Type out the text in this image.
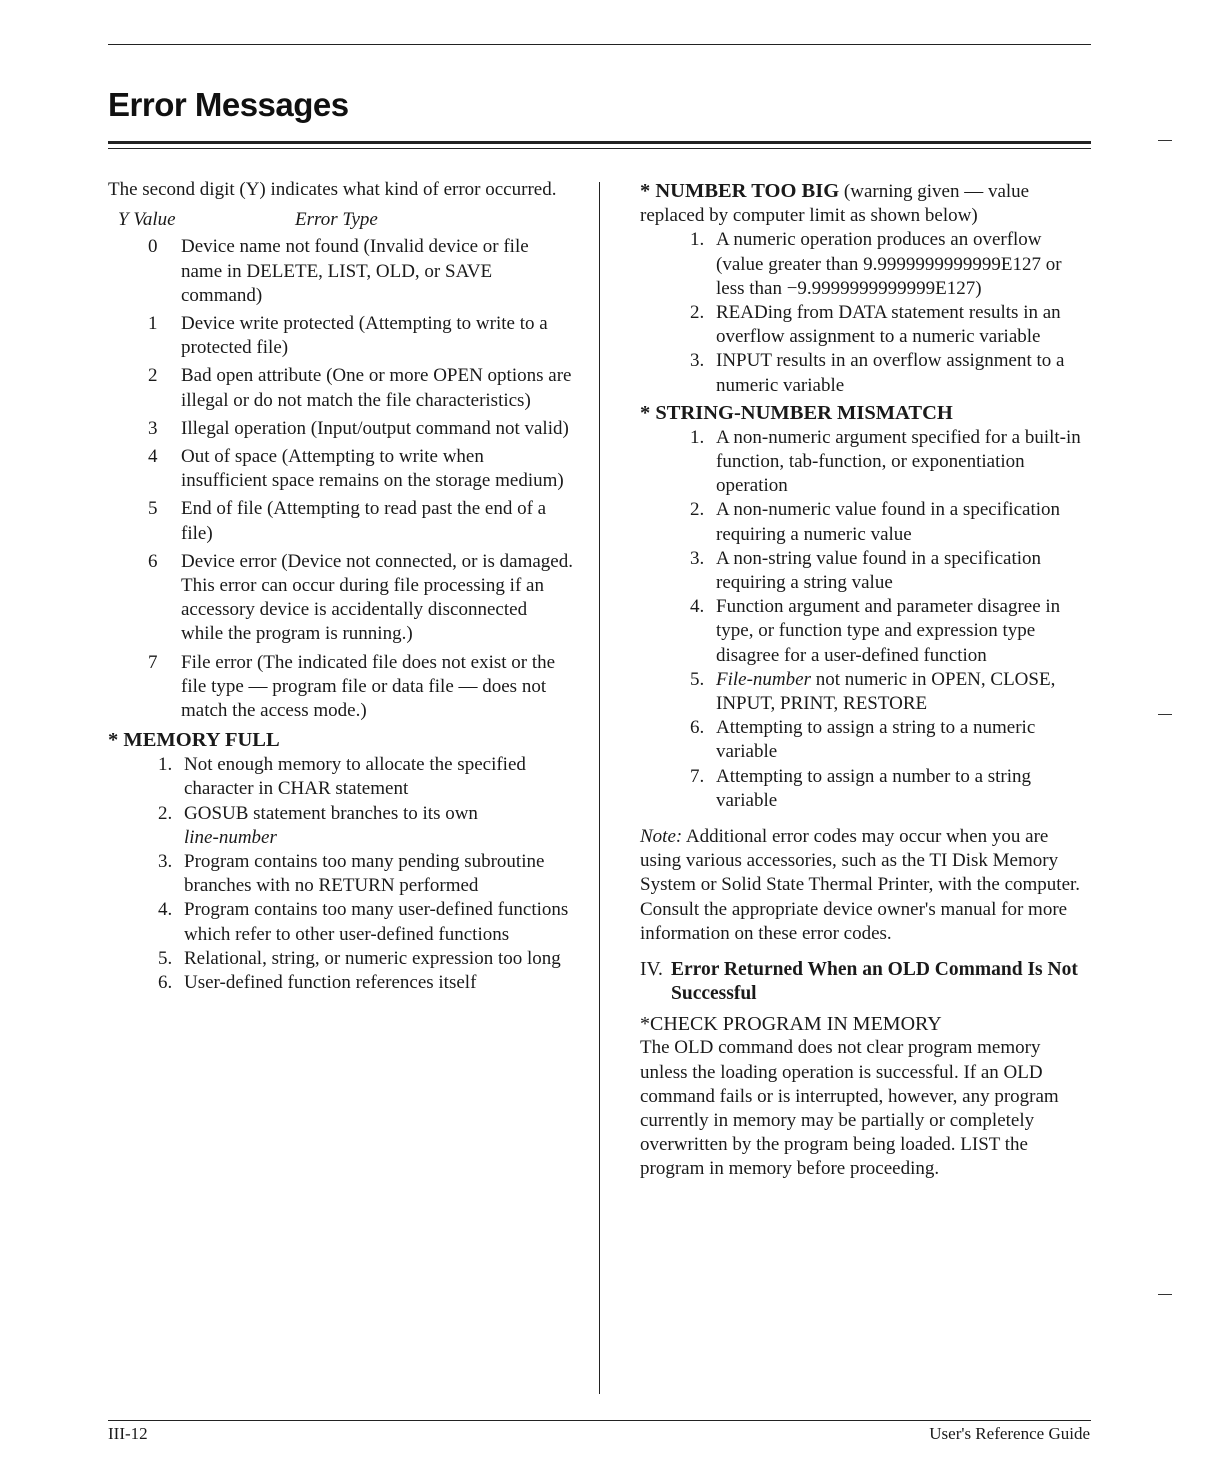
Error Messages

The second digit (Y) indicates what kind of error occurred.

Y Value	Error Type
0	Device name not found (Invalid device or file name in DELETE, LIST, OLD, or SAVE command)
1	Device write protected (Attempting to write to a protected file)
2	Bad open attribute (One or more OPEN options are illegal or do not match the file characteristics)
3	Illegal operation (Input/output command not valid)
4	Out of space (Attempting to write when insufficient space remains on the storage medium)
5	End of file (Attempting to read past the end of a file)
6	Device error (Device not connected, or is damaged. This error can occur during file processing if an accessory device is accidentally disconnected while the program is running.)
7	File error (The indicated file does not exist or the file type — program file or data file — does not match the access mode.)

* MEMORY FULL

1. Not enough memory to allocate the specified character in CHAR statement
2. GOSUB statement branches to its own
line-number
3. Program contains too many pending subroutine branches with no RETURN performed
4. Program contains too many user-defined functions which refer to other user-defined functions
5. Relational, string, or numeric expression too long
6. User-defined function references itself

* NUMBER TOO BIG (warning given — value replaced by computer limit as shown below)

1. A numeric operation produces an overflow (value greater than 9.9999999999999E127 or less than −9.9999999999999E127)
2. READing from DATA statement results in an overflow assignment to a numeric variable
3. INPUT results in an overflow assignment to a numeric variable

* STRING-NUMBER MISMATCH

1. A non-numeric argument specified for a built-in function, tab-function, or exponentiation operation
2. A non-numeric value found in a specification requiring a numeric value
3. A non-string value found in a specification requiring a string value
4. Function argument and parameter disagree in type, or function type and expression type disagree for a user-defined function
5. File-number not numeric in OPEN, CLOSE, INPUT, PRINT, RESTORE
6. Attempting to assign a string to a numeric variable
7. Attempting to assign a number to a string variable

Note: Additional error codes may occur when you are using various accessories, such as the TI Disk Memory System or Solid State Thermal Printer, with the computer. Consult the appropriate device owner's manual for more information on these error codes.

IV. Error Returned When an OLD Command Is Not Successful

*CHECK PROGRAM IN MEMORY

The OLD command does not clear program memory unless the loading operation is successful. If an OLD command fails or is interrupted, however, any program currently in memory may be partially or completely overwritten by the program being loaded. LIST the program in memory before proceeding.

III-12	User's Reference Guide
